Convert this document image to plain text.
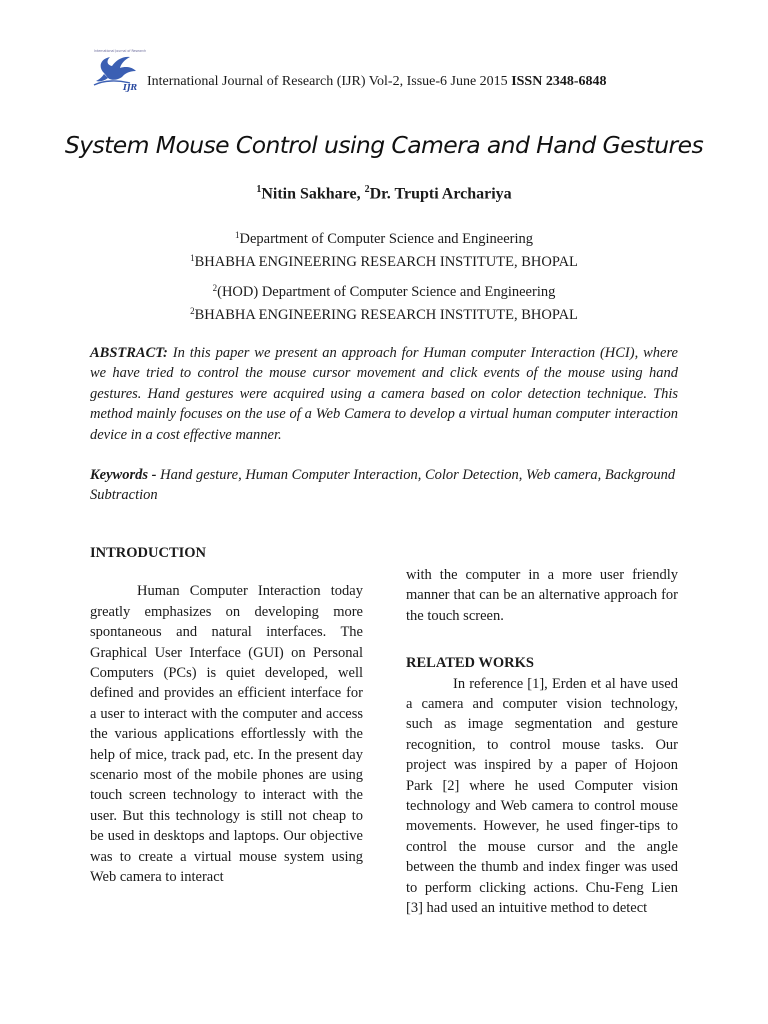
International Journal of Research
IJR International Journal of Research (IJR) Vol-2, Issue-6 June 2015 ISSN 2348-6848
System Mouse Control using Camera and Hand Gestures
$^1$Nitin Sakhare, $^2$Dr. Trupti Archariya
$^1$Department of Computer Science and Engineering
$^1$BHABHA ENGINEERING RESEARCH INSTITUTE, BHOPAL
$^2$(HOD) Department of Computer Science and Engineering
$^2$BHABHA ENGINEERING RESEARCH INSTITUTE, BHOPAL
ABSTRACT: In this paper we present an approach for Human computer Interaction (HCI), where we have tried to control the mouse cursor movement and click events of the mouse using hand gestures. Hand gestures were acquired using a camera based on color detection technique. This method mainly focuses on the use of a Web Camera to develop a virtual human computer interaction device in a cost effective manner.
Keywords - Hand gesture, Human Computer Interaction, Color Detection, Web camera, Background Subtraction
INTRODUCTION

Human Computer Interaction today greatly emphasizes on developing more spontaneous and natural interfaces. The Graphical User Interface (GUI) on Personal Computers (PCs) is quiet developed, well defined and provides an efficient interface for a user to interact with the computer and access the various applications effortlessly with the help of mice, track pad, etc. In the present day scenario most of the mobile phones are using touch screen technology to interact with the user. But this technology is still not cheap to be used in desktops and laptops. Our objective was to create a virtual mouse system using Web camera to interact

with the computer in a more user friendly manner that can be an alternative approach for the touch screen.

RELATED WORKS

In reference [1], Erden et al have used a camera and computer vision technology, such as image segmentation and gesture recognition, to control mouse tasks. Our project was inspired by a paper of Hojoon Park [2] where he used Computer vision technology and Web camera to control mouse movements. However, he used finger-tips to control the mouse cursor and the angle between the thumb and index finger was used to perform clicking actions. Chu-Feng Lien [3] had used an intuitive method to detect
